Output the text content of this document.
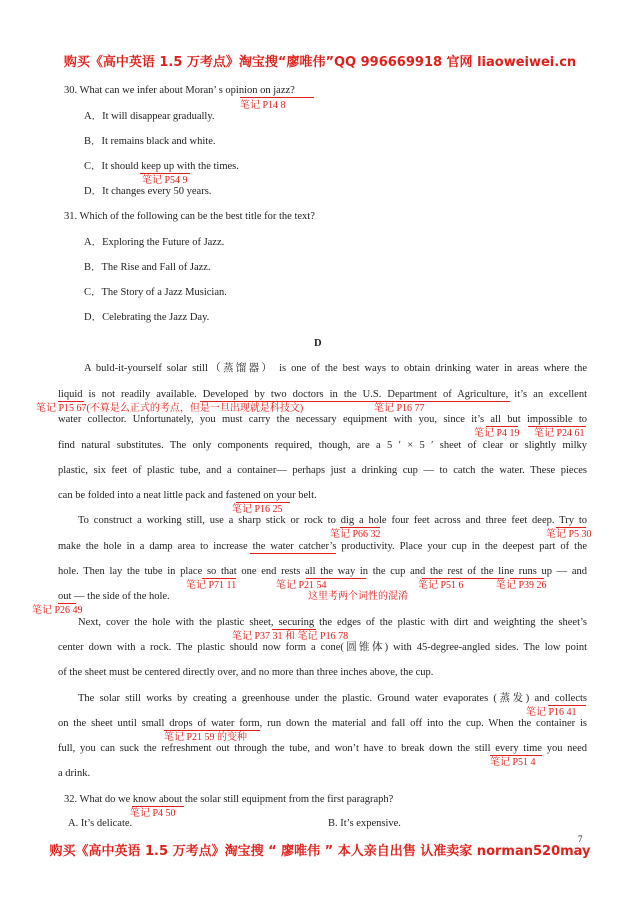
购买《高中英语 1.5 万考点》淘宝搜“廖唯伟”QQ 996669918 官网 liaoweiwei.cn
30. What can we infer about Moran’ s opinion on jazz?
A．It will disappear gradually.
B．It remains black and white.
C．It should keep up with the times.
D．It changes every 50 years.
31. Which of the following can be the best title for the text?
A．Exploring the Future of Jazz.
B．The Rise and Fall of Jazz.
C．The Story of a Jazz Musician.
D．Celebrating the Jazz Day.
D
A buld-it-yourself solar still（蒸馏器） is one of the best ways to obtain drinking water in areas where the
liquid is not readily available. Developed by two doctors in the U.S. Department of Agriculture, it’s an excellent
water collector. Unfortunately, you must carry the necessary equipment with you, since it’s all but impossible to
find natural substitutes. The only components required, though, are a 5 ′ × 5 ′ sheet of clear or slightly milky
plastic, six feet of plastic tube, and a container— perhaps just a drinking cup — to catch the water. These pieces
can be folded into a neat little pack and fastened on your belt.
To construct a working still, use a sharp stick or rock to dig a hole four feet across and three feet deep. Try to
make the hole in a damp area to increase the water catcher’s productivity. Place your cup in the deepest part of the
hole. Then lay the tube in place so that one end rests all the way in the cup and the rest of the line runs up — and
out — the side of the hole.
Next, cover the hole with the plastic sheet, securing the edges of the plastic with dirt and weighting the sheet’s
center down with a rock. The plastic should now form a cone(圆锥体) with 45-degree-angled sides. The low point
of the sheet must be centered directly over, and no more than three inches above, the cup.
The solar still works by creating a greenhouse under the plastic. Ground water evaporates (蒸发) and collects
on the sheet until small drops of water form, run down the material and fall off into the cup. When the container is
full, you can suck the refreshment out through the tube, and won’t have to break down the still every time you need
a drink.
32. What do we know about the solar still equipment from the first paragraph?
A. It’s delicate.	B. It’s expensive.
笔记 P14 8
笔记 P54 9
笔记 P15 67(不算是么正式的考点，但是一旦出现就是科技文)	笔记 P16 77
笔记 P4 19 笔记 P24 61
笔记 P16 25
笔记 P66 32	笔记 P5 30
笔记 P71 11	笔记 P21 54	笔记 P51 6	笔记 P39 26
这里考两个词性的混淆
笔记 P26 49
笔记 P37 31 和 笔记 P16 78
笔记 P16 41
笔记 P21 59 的变种
笔记 P51 4
笔记 P4 50
购买《高中英语 1.5 万考点》淘宝搜 “ 廖唯伟 ” 本人亲自出售 认准卖家 norman520may
7
